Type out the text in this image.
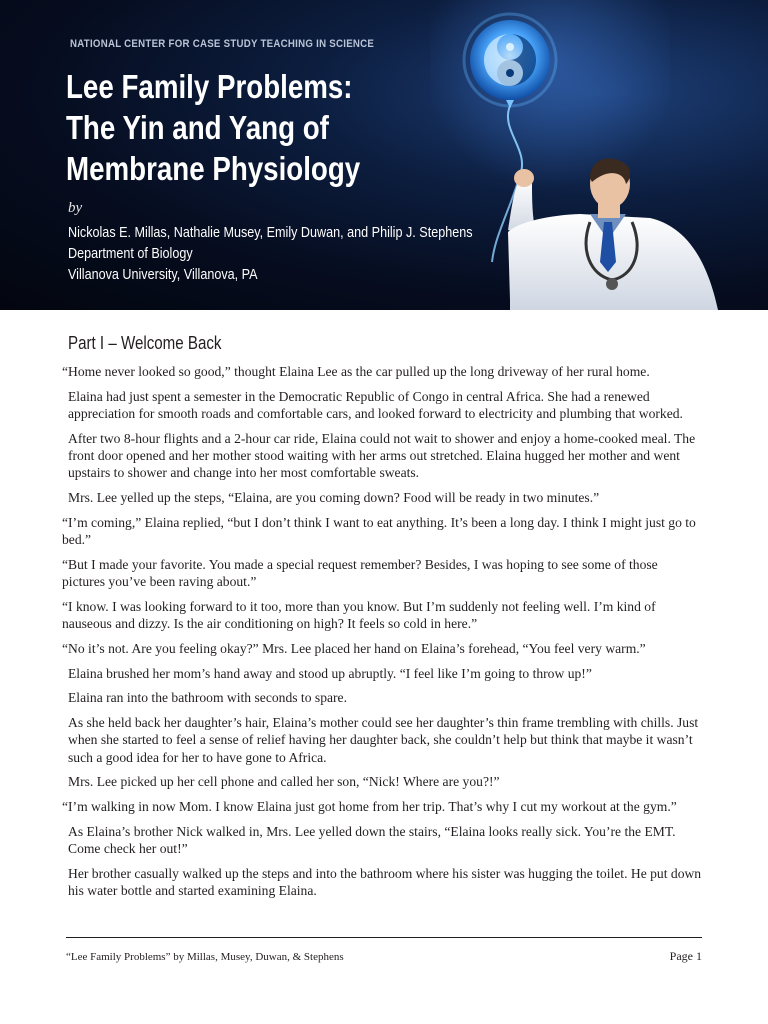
NATIONAL CENTER FOR CASE STUDY TEACHING IN SCIENCE
Lee Family Problems:
The Yin and Yang of
Membrane Physiology
by
Nickolas E. Millas, Nathalie Musey, Emily Duwan, and Philip J. Stephens
Department of Biology
Villanova University, Villanova, PA
Part I – Welcome Back

“Home never looked so good,” thought Elaina Lee as the car pulled up the long driveway of her rural home.

Elaina had just spent a semester in the Democratic Republic of Congo in central Africa. She had a renewed appreciation for smooth roads and comfortable cars, and looked forward to electricity and plumbing that worked.

After two 8-hour flights and a 2-hour car ride, Elaina could not wait to shower and enjoy a home-cooked meal. The front door opened and her mother stood waiting with her arms out stretched. Elaina hugged her mother and went upstairs to shower and change into her most comfortable sweats.

Mrs. Lee yelled up the steps, “Elaina, are you coming down? Food will be ready in two minutes.”

“I’m coming,” Elaina replied, “but I don’t think I want to eat anything. It’s been a long day. I think I might just go to bed.”

“But I made your favorite. You made a special request remember? Besides, I was hoping to see some of those pictures you’ve been raving about.”

“I know. I was looking forward to it too, more than you know. But I’m suddenly not feeling well. I’m kind of nauseous and dizzy. Is the air conditioning on high? It feels so cold in here.”

“No it’s not. Are you feeling okay?” Mrs. Lee placed her hand on Elaina’s forehead, “You feel very warm.”

Elaina brushed her mom’s hand away and stood up abruptly. “I feel like I’m going to throw up!”

Elaina ran into the bathroom with seconds to spare.

As she held back her daughter’s hair, Elaina’s mother could see her daughter’s thin frame trembling with chills. Just when she started to feel a sense of relief having her daughter back, she couldn’t help but think that maybe it wasn’t such a good idea for her to have gone to Africa.

Mrs. Lee picked up her cell phone and called her son, “Nick! Where are you?!”

“I’m walking in now Mom. I know Elaina just got home from her trip. That’s why I cut my workout at the gym.”

As Elaina’s brother Nick walked in, Mrs. Lee yelled down the stairs, “Elaina looks really sick. You’re the EMT. Come check her out!”

Her brother casually walked up the steps and into the bathroom where his sister was hugging the toilet. He put down his water bottle and started examining Elaina.

“Lee Family Problems” by Millas, Musey, Duwan, & Stephens	Page 1
